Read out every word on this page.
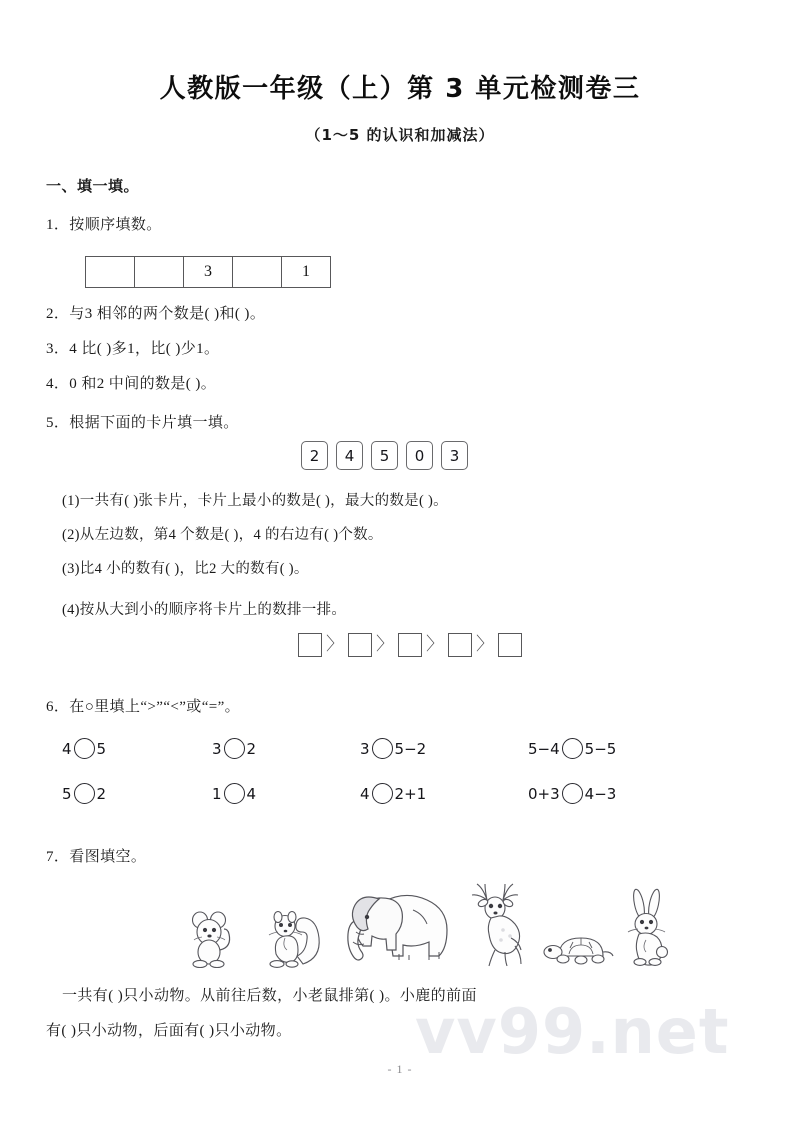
vv99.net
人教版一年级（上）第 3 单元检测卷三
（1～5 的认识和加减法）
一、填一填。
1．按顺序填数。
3	1
2．与3 相邻的两个数是( )和( )。
3．4 比( )多1，比( )少1。
4．0 和2 中间的数是( )。
5．根据下面的卡片填一填。
2	4	5	0	3
(1)一共有( )张卡片，卡片上最小的数是( )，最大的数是( )。
(2)从左边数，第4 个数是( )，4 的右边有( )个数。
(3)比4 小的数有( )，比2 大的数有( )。
(4)按从大到小的顺序将卡片上的数排一排。
〉 〉 〉 〉
6．在○里填上“>”“<”或“=”。
4 5	3 2	3 5−2	5−4 5−5
5 2	1 4	4 2+1	0+3 4−3
7．看图填空。
一共有( )只小动物。从前往后数，小老鼠排第( )。小鹿的前面
有( )只小动物，后面有( )只小动物。
- 1 -
